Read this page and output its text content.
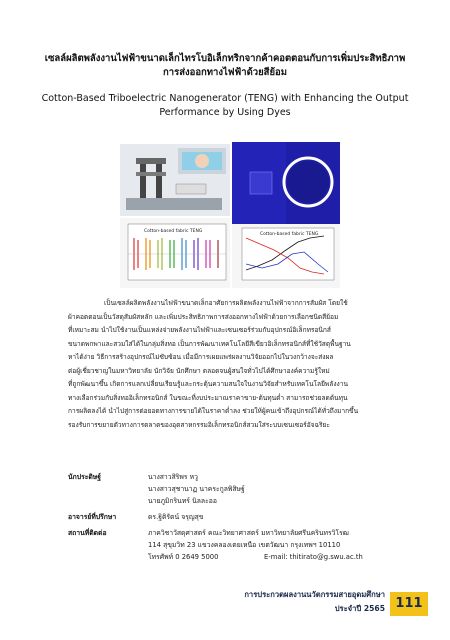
เซลล์ผลิตพลังงานไฟฟ้าขนาดเล็กไทรโบอิเล็กทริกจากค้าคอตตอนกับการเพิ่มประสิทธิภาพ
การส่งออกทางไฟฟ้าด้วยสีย้อม
Cotton-Based Triboelectric Nanogenerator (TENG) with Enhancing the Output
Performance by Using Dyes
Cotton-based fabric TENG
Cotton-based fabric TENG
เป็นเซลล์ผลิตพลังงานไฟฟ้าขนาดเล็กอาศัยการผลิตพลังงานไฟฟ้าจากการสัมผัส โดยใช้
ผ้าคอตตอนเป็นวัสดุสัมผัสหลัก และเพิ่มประสิทธิภาพการส่งออกทางไฟฟ้าด้วยการเลือกชนิดสีย้อม
ที่เหมาะสม นำไปใช้งานเป็นแหล่งจ่ายพลังงานไฟฟ้าและเซนเซอร์ร่วมกับอุปกรณ์อิเล็กทรอนิกส์
ขนาดพกพาและสวมใส่ได้ในกลุ่มสิ่งทอ เป็นการพัฒนาเทคโนโลยีสีเขียวอิเล็กทรอนิกส์ที่ใช้วัสดุพื้นฐาน
หาได้ง่าย วิธีการสร้างอุปกรณ์ไม่ซับซ้อน เมื่อมีการเผยแพร่ผลงานวิจัยออกไปในวงกว้างจะส่งผล
ต่อผู้เชี่ยวชาญในมหาวิทยาลัย นักวิจัย นักศึกษา ตลอดจนผู้สนใจทั่วไปได้ศึกษาองค์ความรู้ใหม่
ที่ถูกพัฒนาขึ้น เกิดการแลกเปลี่ยนเรียนรู้และกระตุ้นความสนใจในงานวิจัยสำหรับเทคโนโลยีพลังงาน
ทางเลือกร่วมกับสิ่งทออิเล็กทรอนิกส์ ในขณะที่งบประมาณราคาขาย-ต้นทุนต่ำ สามารถช่วยลดต้นทุน
การผลิตลงได้ นำไปสู่การต่อยอดทางการขายได้ในราคาต่ำลง ช่วยให้ผู้คนเข้าถึงอุปกรณ์ได้ทั่วถึงมากขึ้น
รองรับการขยายตัวทางการตลาดของอุตสาหกรรมอิเล็กทรอนิกส์สวมใส่ระบบเซนเซอร์อัจฉริยะ
นักประดิษฐ์	นางสาวสิริพร หวู
นางสาวสุชานาฏ นาคระกูลพิสิษฐ์
นายภูมิกรินทร์ นิลละออ
อาจารย์ที่ปรึกษา	ดร.ฐิติรัตน์ จรุญสุข
สถานที่ติดต่อ	ภาควิชาวัสดุศาสตร์ คณะวิทยาศาสตร์ มหาวิทยาลัยศรีนครินทรวิโรฒ
114 สุขุมวิท 23 แขวงคลองเตยเหนือ เขตวัฒนา กรุงเทพฯ 10110
โทรศัพท์ 0 2649 5000	E-mail: thitirato@g.swu.ac.th
การประกวดผลงานนวัตกรรมสายอุดมศึกษา
ประจำปี 2565 111
